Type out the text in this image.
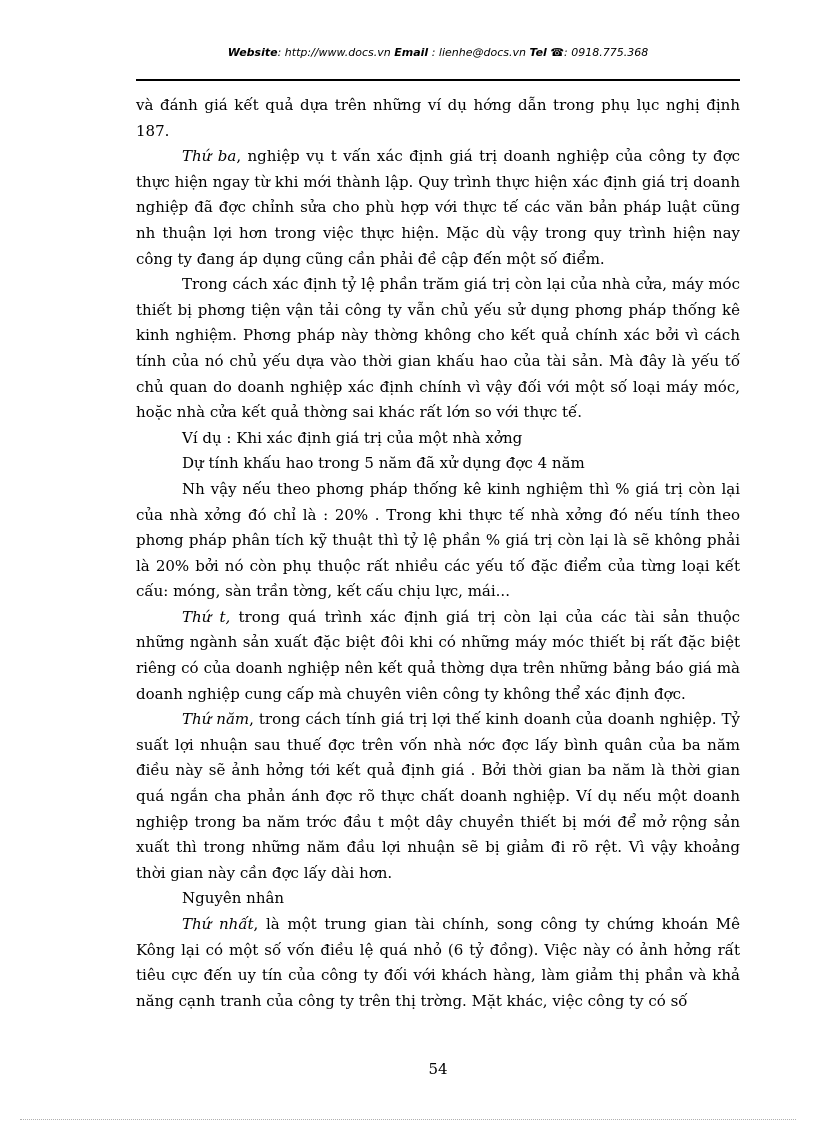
Website: http://www.docs.vn Email : lienhe@docs.vn Tel ☎: 0918.775.368

và đánh giá kết quả dựa trên những ví dụ hớng dẫn trong phụ lục nghị định 187.

Thứ ba, nghiệp vụ t vấn xác định giá trị doanh nghiệp của công ty đợc thực hiện ngay từ khi mới thành lập. Quy trình thực hiện xác định giá trị doanh nghiệp đã đợc chỉnh sửa cho phù hợp với thực tế các văn bản pháp luật cũng nh thuận lợi hơn trong việc thực hiện. Mặc dù vậy trong quy trình hiện nay công ty đang áp dụng cũng cần phải đề cập đến một số điểm.

Trong cách xác định tỷ lệ phần trăm giá trị còn lại của nhà cửa, máy móc thiết bị phơng tiện vận tải công ty vẫn chủ yếu sử dụng phơng pháp thống kê kinh nghiệm. Phơng pháp này thờng không cho kết quả chính xác bởi vì cách tính của nó chủ yếu dựa vào thời gian khấu hao của tài sản. Mà đây là yếu tố chủ quan do doanh nghiệp xác định chính vì vậy đối với một số loại máy móc, hoặc nhà cửa kết quả thờng sai khác rất lớn so với thực tế.

Ví dụ : Khi xác định giá trị của một nhà xởng

Dự tính khấu hao trong 5 năm đã xử dụng đợc 4 năm

Nh vậy nếu theo phơng pháp thống kê kinh nghiệm thì % giá trị còn lại của nhà xởng đó chỉ là : 20% . Trong khi thực tế nhà xởng đó nếu tính theo phơng pháp phân tích kỹ thuật thì tỷ lệ phần % giá trị còn lại là sẽ không phải là 20% bởi nó còn phụ thuộc rất nhiều các yếu tố đặc điểm của từng loại kết cấu: móng, sàn trần tờng, kết cấu chịu lực, mái...

Thứ t, trong quá trình xác định giá trị còn lại của các tài sản thuộc những ngành sản xuất đặc biệt đôi khi có những máy móc thiết bị rất đặc biệt riêng có của doanh nghiệp nên kết quả thờng dựa trên những bảng báo giá mà doanh nghiệp cung cấp mà chuyên viên công ty không thể xác định đợc.

Thứ năm, trong cách tính giá trị lợi thế kinh doanh của doanh nghiệp. Tỷ suất lợi nhuận sau thuế đợc trên vốn nhà nớc đợc lấy bình quân của ba năm điều này sẽ ảnh hởng tới kết quả định giá . Bởi thời gian ba năm là thời gian quá ngắn cha phản ánh đợc rõ thực chất doanh nghiệp. Ví dụ nếu một doanh nghiệp trong ba năm trớc đầu t một dây chuyền thiết bị mới để mở rộng sản xuất thì trong những năm đầu lợi nhuận sẽ bị giảm đi rõ rệt. Vì vậy khoảng thời gian này cần đợc lấy dài hơn.

Nguyên nhân

Thứ nhất, là một trung gian tài chính, song công ty chứng khoán Mê Kông lại có một số vốn điều lệ quá nhỏ (6 tỷ đồng). Việc này có ảnh hởng rất tiêu cực đến uy tín của công ty đối với khách hàng, làm giảm thị phần và khả năng cạnh tranh của công ty trên thị trờng. Mặt khác, việc công ty có số

54
